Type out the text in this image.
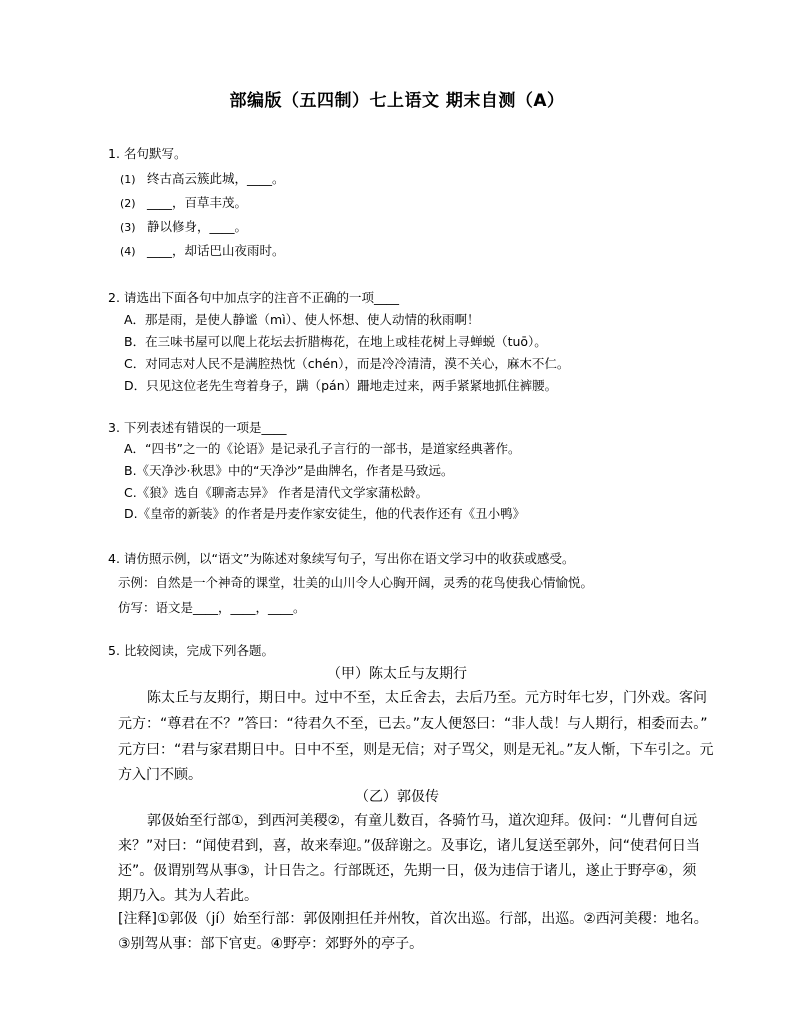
部编版（五四制）七上语文 期末自测（A）
1. 名句默写。
(1) 终古高云簇此城，____。
(2) ____，百草丰茂。
(3) 静以修身，____。
(4) ____，却话巴山夜雨时。
2. 请选出下面各句中加点字的注音不正确的一项____
A．那是雨，是使人静谧（mì）、使人怀想、使人动情的秋雨啊！
B．在三味书屋可以爬上花坛去折腊梅花，在地上或桂花树上寻蝉蜕（tuō）。
C．对同志对人民不是满腔热忱（chén），而是冷冷清清，漠不关心，麻木不仁。
D．只见这位老先生弯着身子，蹒（pán）跚地走过来，两手紧紧地抓住裤腰。
3. 下列表述有错误的一项是____
A．“四书”之一的《论语》是记录孔子言行的一部书，是道家经典著作。
B.《天净沙·秋思》中的“天净沙”是曲牌名，作者是马致远。
C.《狼》选自《聊斋志异》 作者是清代文学家蒲松龄。
D.《皇帝的新装》的作者是丹麦作家安徒生，他的代表作还有《丑小鸭》
4. 请仿照示例，以“语文”为陈述对象续写句子，写出你在语文学习中的收获或感受。
示例：自然是一个神奇的课堂，壮美的山川令人心胸开阔，灵秀的花鸟使我心情愉悦。
仿写：语文是____，____，____。
5. 比较阅读，完成下列各题。
（甲）陈太丘与友期行
陈太丘与友期行，期日中。过中不至，太丘舍去，去后乃至。元方时年七岁，门外戏。客问
元方：“尊君在不？”答曰：“待君久不至，已去。”友人便怒曰：“非人哉！与人期行，相委而去。”
元方曰：“君与家君期日中。日中不至，则是无信；对子骂父，则是无礼。”友人惭，下车引之。元
方入门不顾。
（乙）郭伋传
郭伋始至行部①，到西河美稷②，有童儿数百，各骑竹马，道次迎拜。伋问：“儿曹何自远
来？”对曰：“闻使君到，喜，故来奉迎。”伋辞谢之。及事讫，诸儿复送至郭外，问“使君何日当
还”。伋谓别驾从事③，计日告之。行部既还，先期一日，伋为违信于诸儿，遂止于野亭④，须
期乃入。其为人若此。
[注释]①郭伋（jí）始至行部：郭伋刚担任并州牧，首次出巡。行部，出巡。②西河美稷：地名。
③别驾从事：部下官吏。④野亭：郊野外的亭子。
